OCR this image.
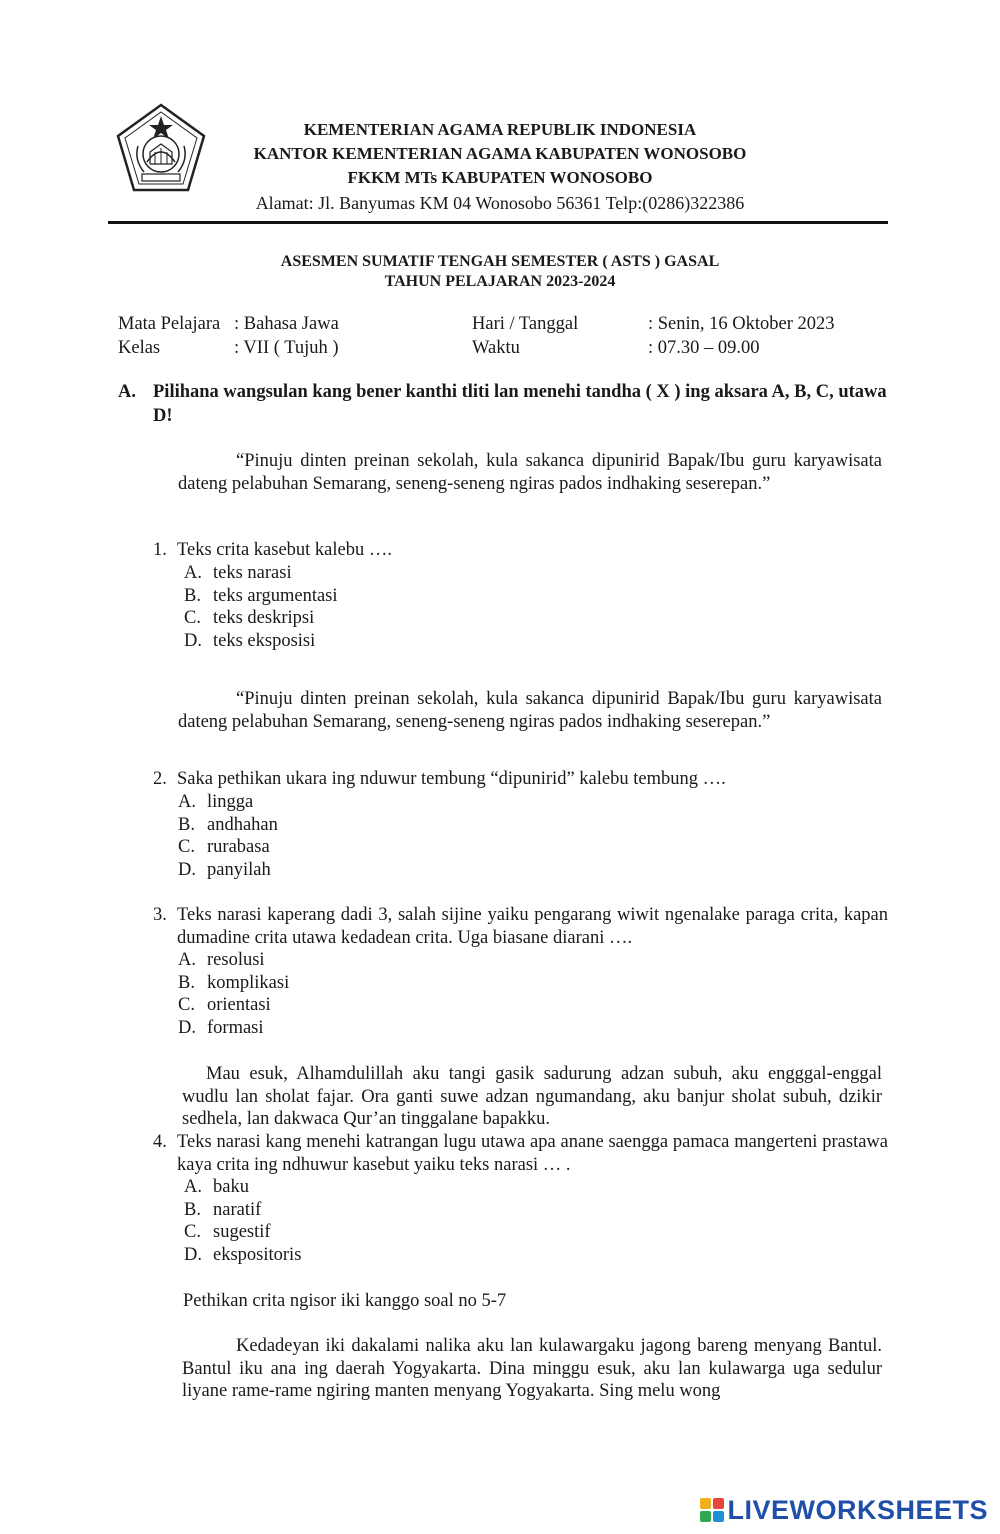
KEMENTERIAN AGAMA REPUBLIK INDONESIA
KANTOR KEMENTERIAN AGAMA KABUPATEN WONOSOBO
FKKM MTs KABUPATEN WONOSOBO
Alamat: Jl. Banyumas KM 04 Wonosobo 56361 Telp:(0286)322386
ASESMEN SUMATIF TENGAH SEMESTER ( ASTS ) GASAL
TAHUN PELAJARAN 2023-2024
Mata Pelajara : Bahasa Jawa	Hari / Tanggal	: Senin, 16 Oktober 2023
Kelas	: VII ( Tujuh )	Waktu	: 07.30 – 09.00
A. Pilihana wangsulan kang bener kanthi tliti lan menehi tandha ( X ) ing aksara A, B, C, utawa D!
“Pinuju dinten preinan sekolah, kula sakanca dipunirid Bapak/Ibu guru karyawisata dateng pelabuhan Semarang, seneng-seneng ngiras pados indhaking seserepan.”
1. Teks crita kasebut kalebu ….
A. teks narasi
B. teks argumentasi
C. teks deskripsi
D. teks eksposisi
“Pinuju dinten preinan sekolah, kula sakanca dipunirid Bapak/Ibu guru karyawisata dateng pelabuhan Semarang, seneng-seneng ngiras pados indhaking seserepan.”
2. Saka pethikan ukara ing nduwur tembung “dipunirid” kalebu tembung ….
A. lingga
B. andhahan
C. rurabasa
D. panyilah
3. Teks narasi kaperang dadi 3, salah sijine yaiku pengarang wiwit ngenalake paraga crita, kapan dumadine crita utawa kedadean crita. Uga biasane diarani ….
A. resolusi
B. komplikasi
C. orientasi
D. formasi
Mau esuk, Alhamdulillah aku tangi gasik sadurung adzan subuh, aku engggal-enggal wudlu lan sholat fajar. Ora ganti suwe adzan ngumandang, aku banjur sholat subuh, dzikir sedhela, lan dakwaca Qur’an tinggalane bapakku.
4. Teks narasi kang menehi katrangan lugu utawa apa anane saengga pamaca mangerteni prastawa kaya crita ing ndhuwur kasebut yaiku teks narasi … .
A. baku
B. naratif
C. sugestif
D. ekspositoris
Pethikan crita ngisor iki kanggo soal no 5-7
Kedadeyan iki dakalami nalika aku lan kulawargaku jagong bareng menyang Bantul. Bantul iku ana ing daerah Yogyakarta. Dina minggu esuk, aku lan kulawarga uga sedulur liyane rame-rame ngiring manten menyang Yogyakarta. Sing melu wong
LIVEWORKSHEETS
